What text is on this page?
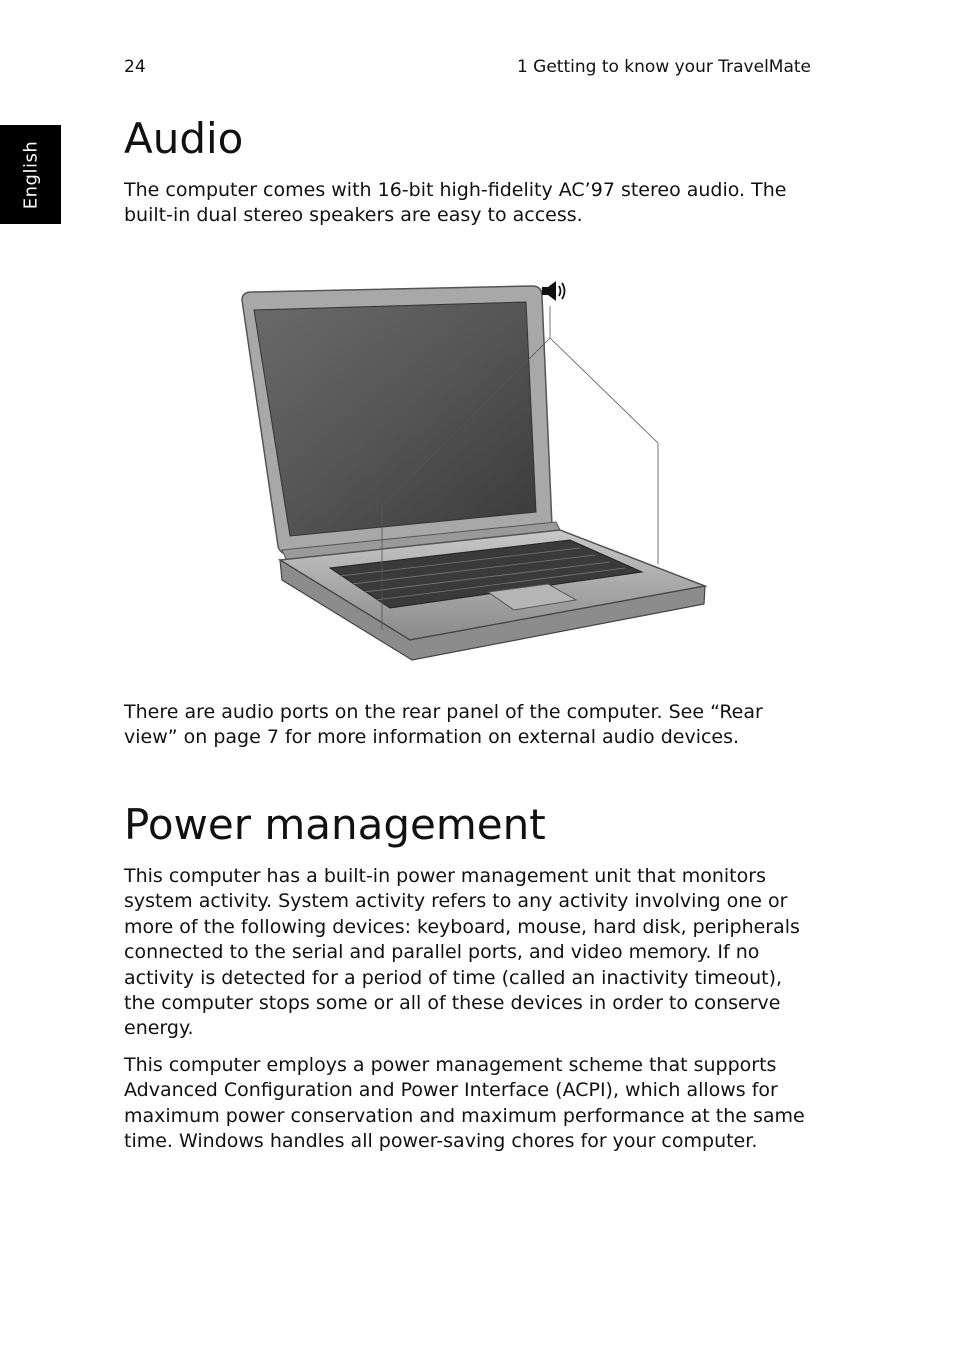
24	1 Getting to know your TravelMate
English
Audio

The computer comes with 16-bit high-fidelity AC’97 stereo audio. The built-in dual stereo speakers are easy to access.

There are audio ports on the rear panel of the computer. See “Rear view” on page 7 for more information on external audio devices.

Power management

This computer has a built-in power management unit that monitors system activity. System activity refers to any activity involving one or more of the following devices: keyboard, mouse, hard disk, peripherals connected to the serial and parallel ports, and video memory. If no activity is detected for a period of time (called an inactivity timeout), the computer stops some or all of these devices in order to conserve energy.

This computer employs a power management scheme that supports Advanced Configuration and Power Interface (ACPI), which allows for maximum power conservation and maximum performance at the same time. Windows handles all power-saving chores for your computer.
